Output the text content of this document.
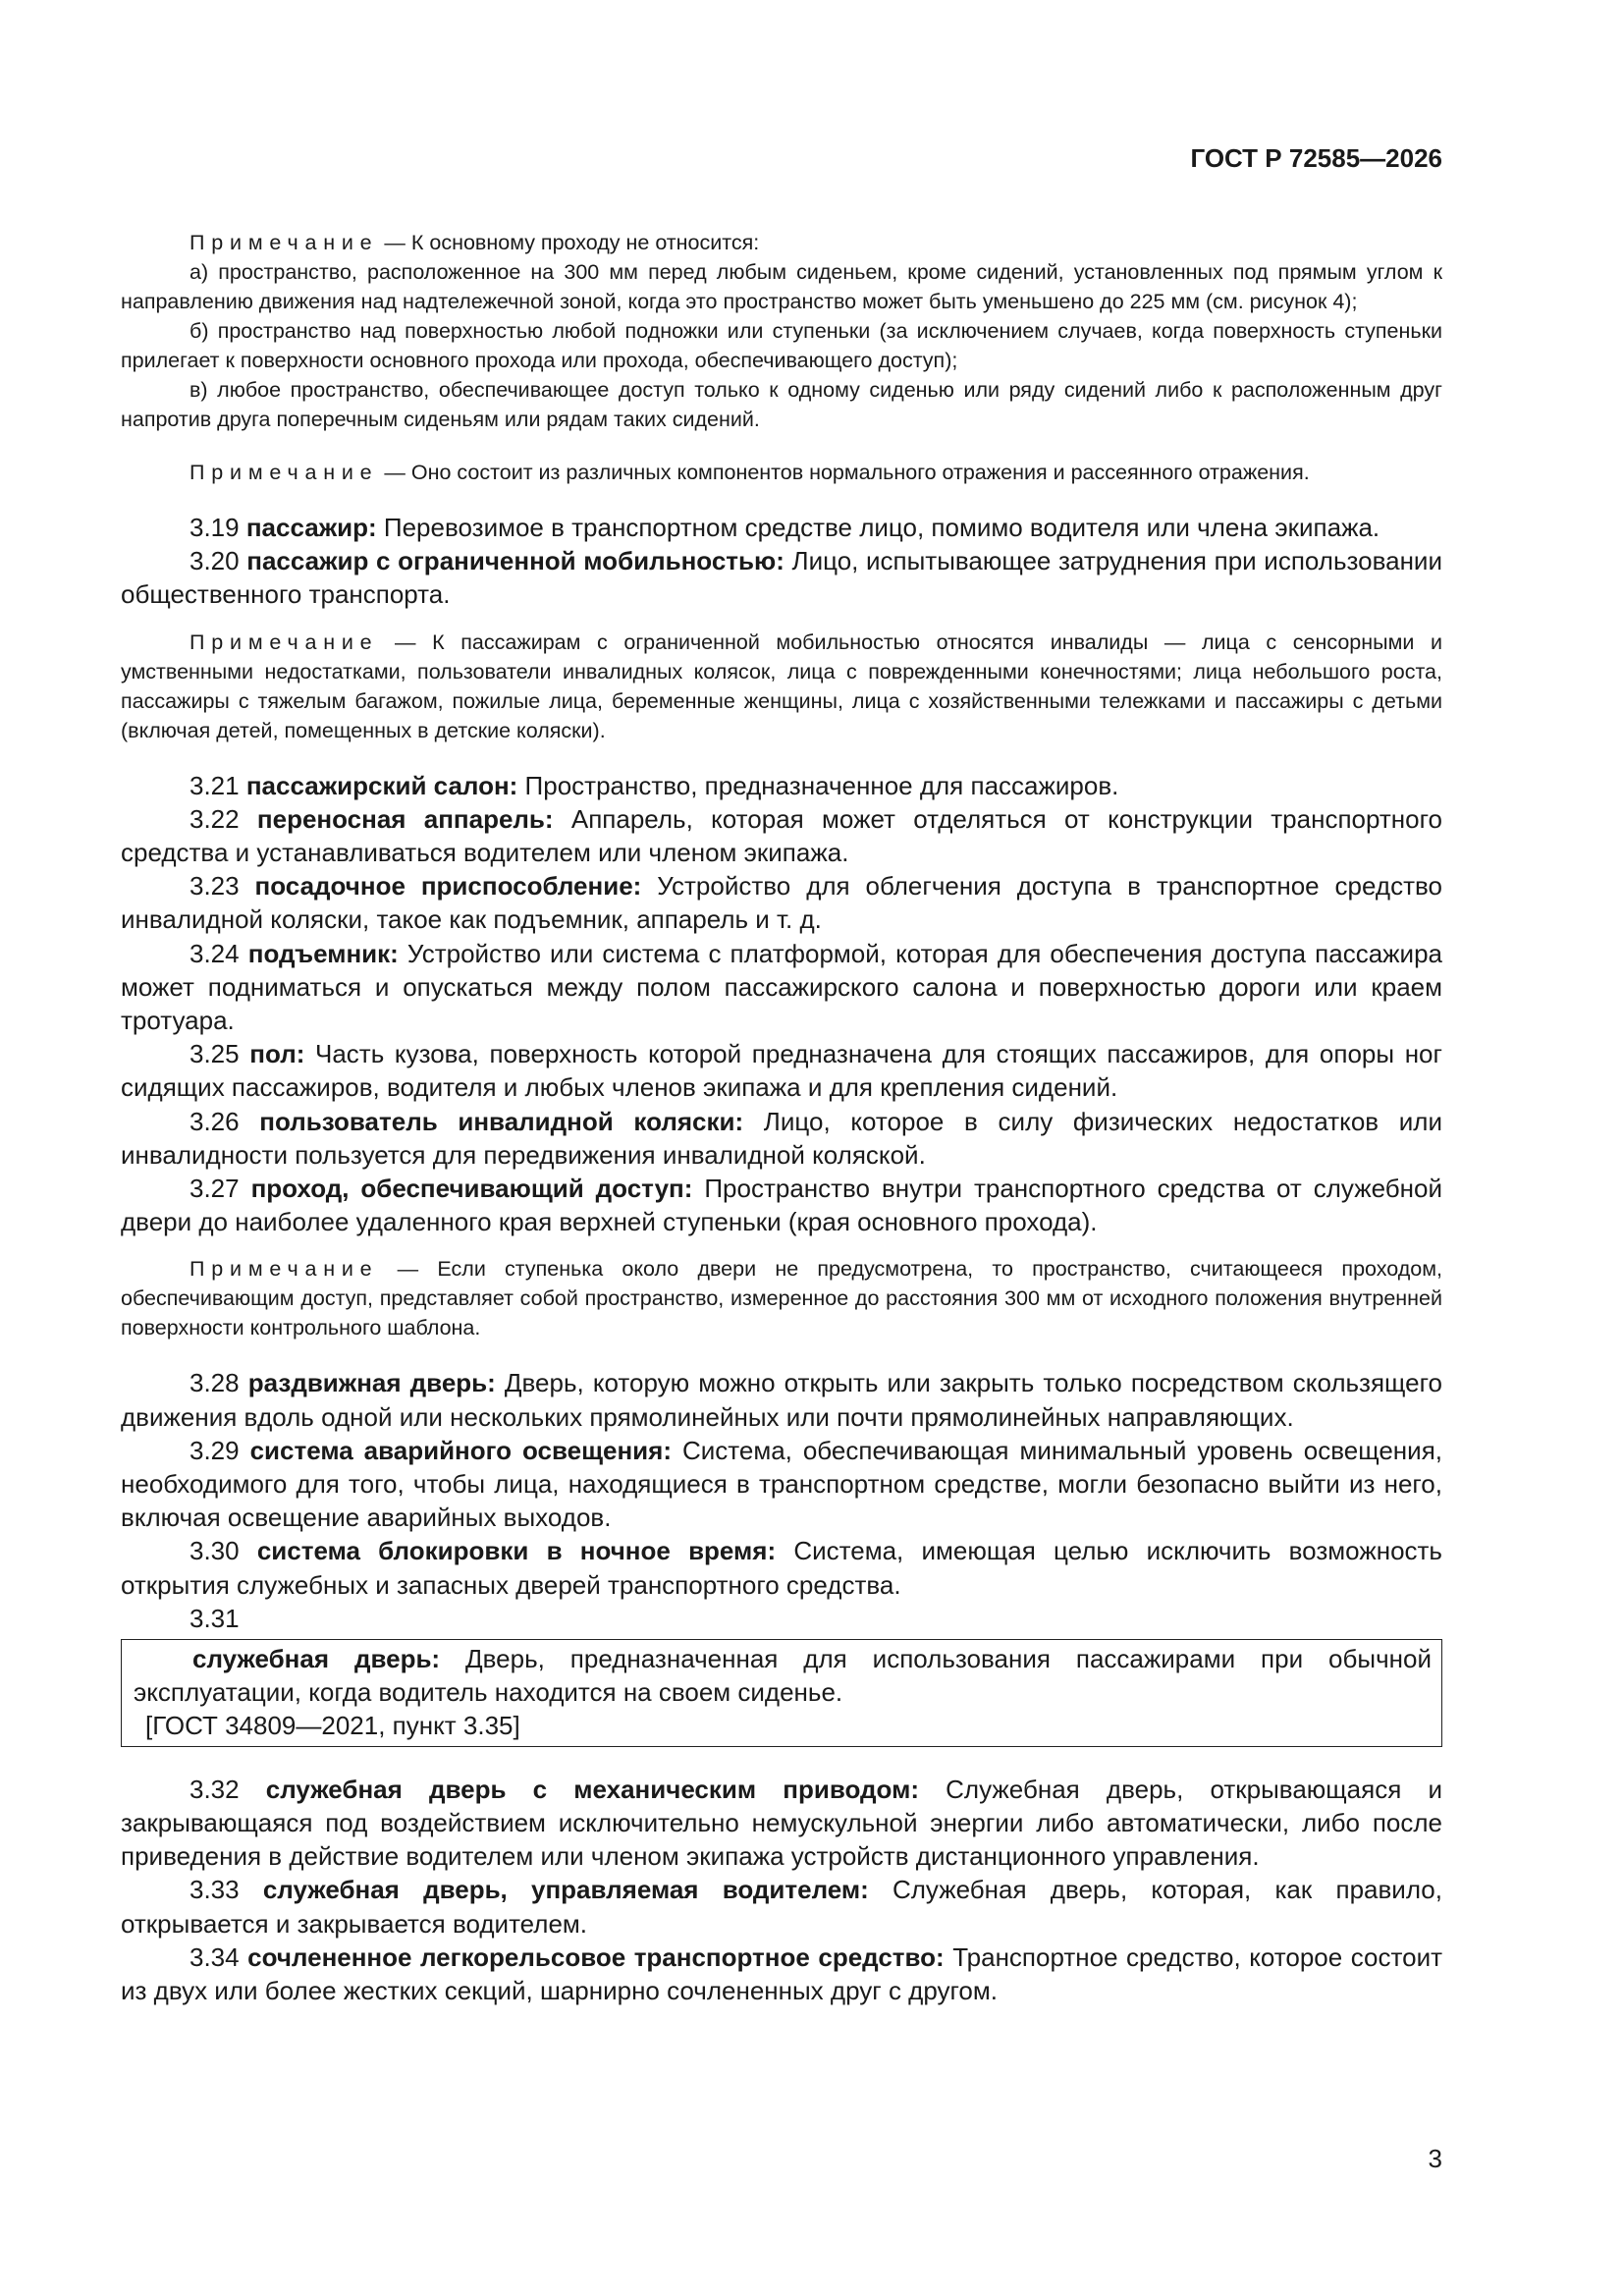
ГОСТ Р 72585—2026

Примечание — К основному проходу не относится:

а) пространство, расположенное на 300 мм перед любым сиденьем, кроме сидений, установленных под прямым углом к направлению движения над надтележечной зоной, когда это пространство может быть уменьшено до 225 мм (см. рисунок 4);

б) пространство над поверхностью любой подножки или ступеньки (за исключением случаев, когда поверхность ступеньки прилегает к поверхности основного прохода или прохода, обеспечивающего доступ);

в) любое пространство, обеспечивающее доступ только к одному сиденью или ряду сидений либо к расположенным друг напротив друга поперечным сиденьям или рядам таких сидений.

Примечание — Оно состоит из различных компонентов нормального отражения и рассеянного отражения.

3.19 пассажир: Перевозимое в транспортном средстве лицо, помимо водителя или члена экипажа.

3.20 пассажир с ограниченной мобильностью: Лицо, испытывающее затруднения при использовании общественного транспорта.

Примечание — К пассажирам с ограниченной мобильностью относятся инвалиды — лица с сенсорными и умственными недостатками, пользователи инвалидных колясок, лица с поврежденными конечностями; лица небольшого роста, пассажиры с тяжелым багажом, пожилые лица, беременные женщины, лица с хозяйственными тележками и пассажиры с детьми (включая детей, помещенных в детские коляски).

3.21 пассажирский салон: Пространство, предназначенное для пассажиров.

3.22 переносная аппарель: Аппарель, которая может отделяться от конструкции транспортного средства и устанавливаться водителем или членом экипажа.

3.23 посадочное приспособление: Устройство для облегчения доступа в транспортное средство инвалидной коляски, такое как подъемник, аппарель и т. д.

3.24 подъемник: Устройство или система с платформой, которая для обеспечения доступа пассажира может подниматься и опускаться между полом пассажирского салона и поверхностью дороги или краем тротуара.

3.25 пол: Часть кузова, поверхность которой предназначена для стоящих пассажиров, для опоры ног сидящих пассажиров, водителя и любых членов экипажа и для крепления сидений.

3.26 пользователь инвалидной коляски: Лицо, которое в силу физических недостатков или инвалидности пользуется для передвижения инвалидной коляской.

3.27 проход, обеспечивающий доступ: Пространство внутри транспортного средства от служебной двери до наиболее удаленного края верхней ступеньки (края основного прохода).

Примечание — Если ступенька около двери не предусмотрена, то пространство, считающееся проходом, обеспечивающим доступ, представляет собой пространство, измеренное до расстояния 300 мм от исходного положения внутренней поверхности контрольного шаблона.

3.28 раздвижная дверь: Дверь, которую можно открыть или закрыть только посредством скользящего движения вдоль одной или нескольких прямолинейных или почти прямолинейных направляющих.

3.29 система аварийного освещения: Система, обеспечивающая минимальный уровень освещения, необходимого для того, чтобы лица, находящиеся в транспортном средстве, могли безопасно выйти из него, включая освещение аварийных выходов.

3.30 система блокировки в ночное время: Система, имеющая целью исключить возможность открытия служебных и запасных дверей транспортного средства.

3.31

служебная дверь: Дверь, предназначенная для использования пассажирами при обычной эксплуатации, когда водитель находится на своем сиденье.

[ГОСТ 34809—2021, пункт 3.35]

3.32 служебная дверь с механическим приводом: Служебная дверь, открывающаяся и закрывающаяся под воздействием исключительно немускульной энергии либо автоматически, либо после приведения в действие водителем или членом экипажа устройств дистанционного управления.

3.33 служебная дверь, управляемая водителем: Служебная дверь, которая, как правило, открывается и закрывается водителем.

3.34 сочлененное легкорельсовое транспортное средство: Транспортное средство, которое состоит из двух или более жестких секций, шарнирно сочлененных друг с другом.

3
